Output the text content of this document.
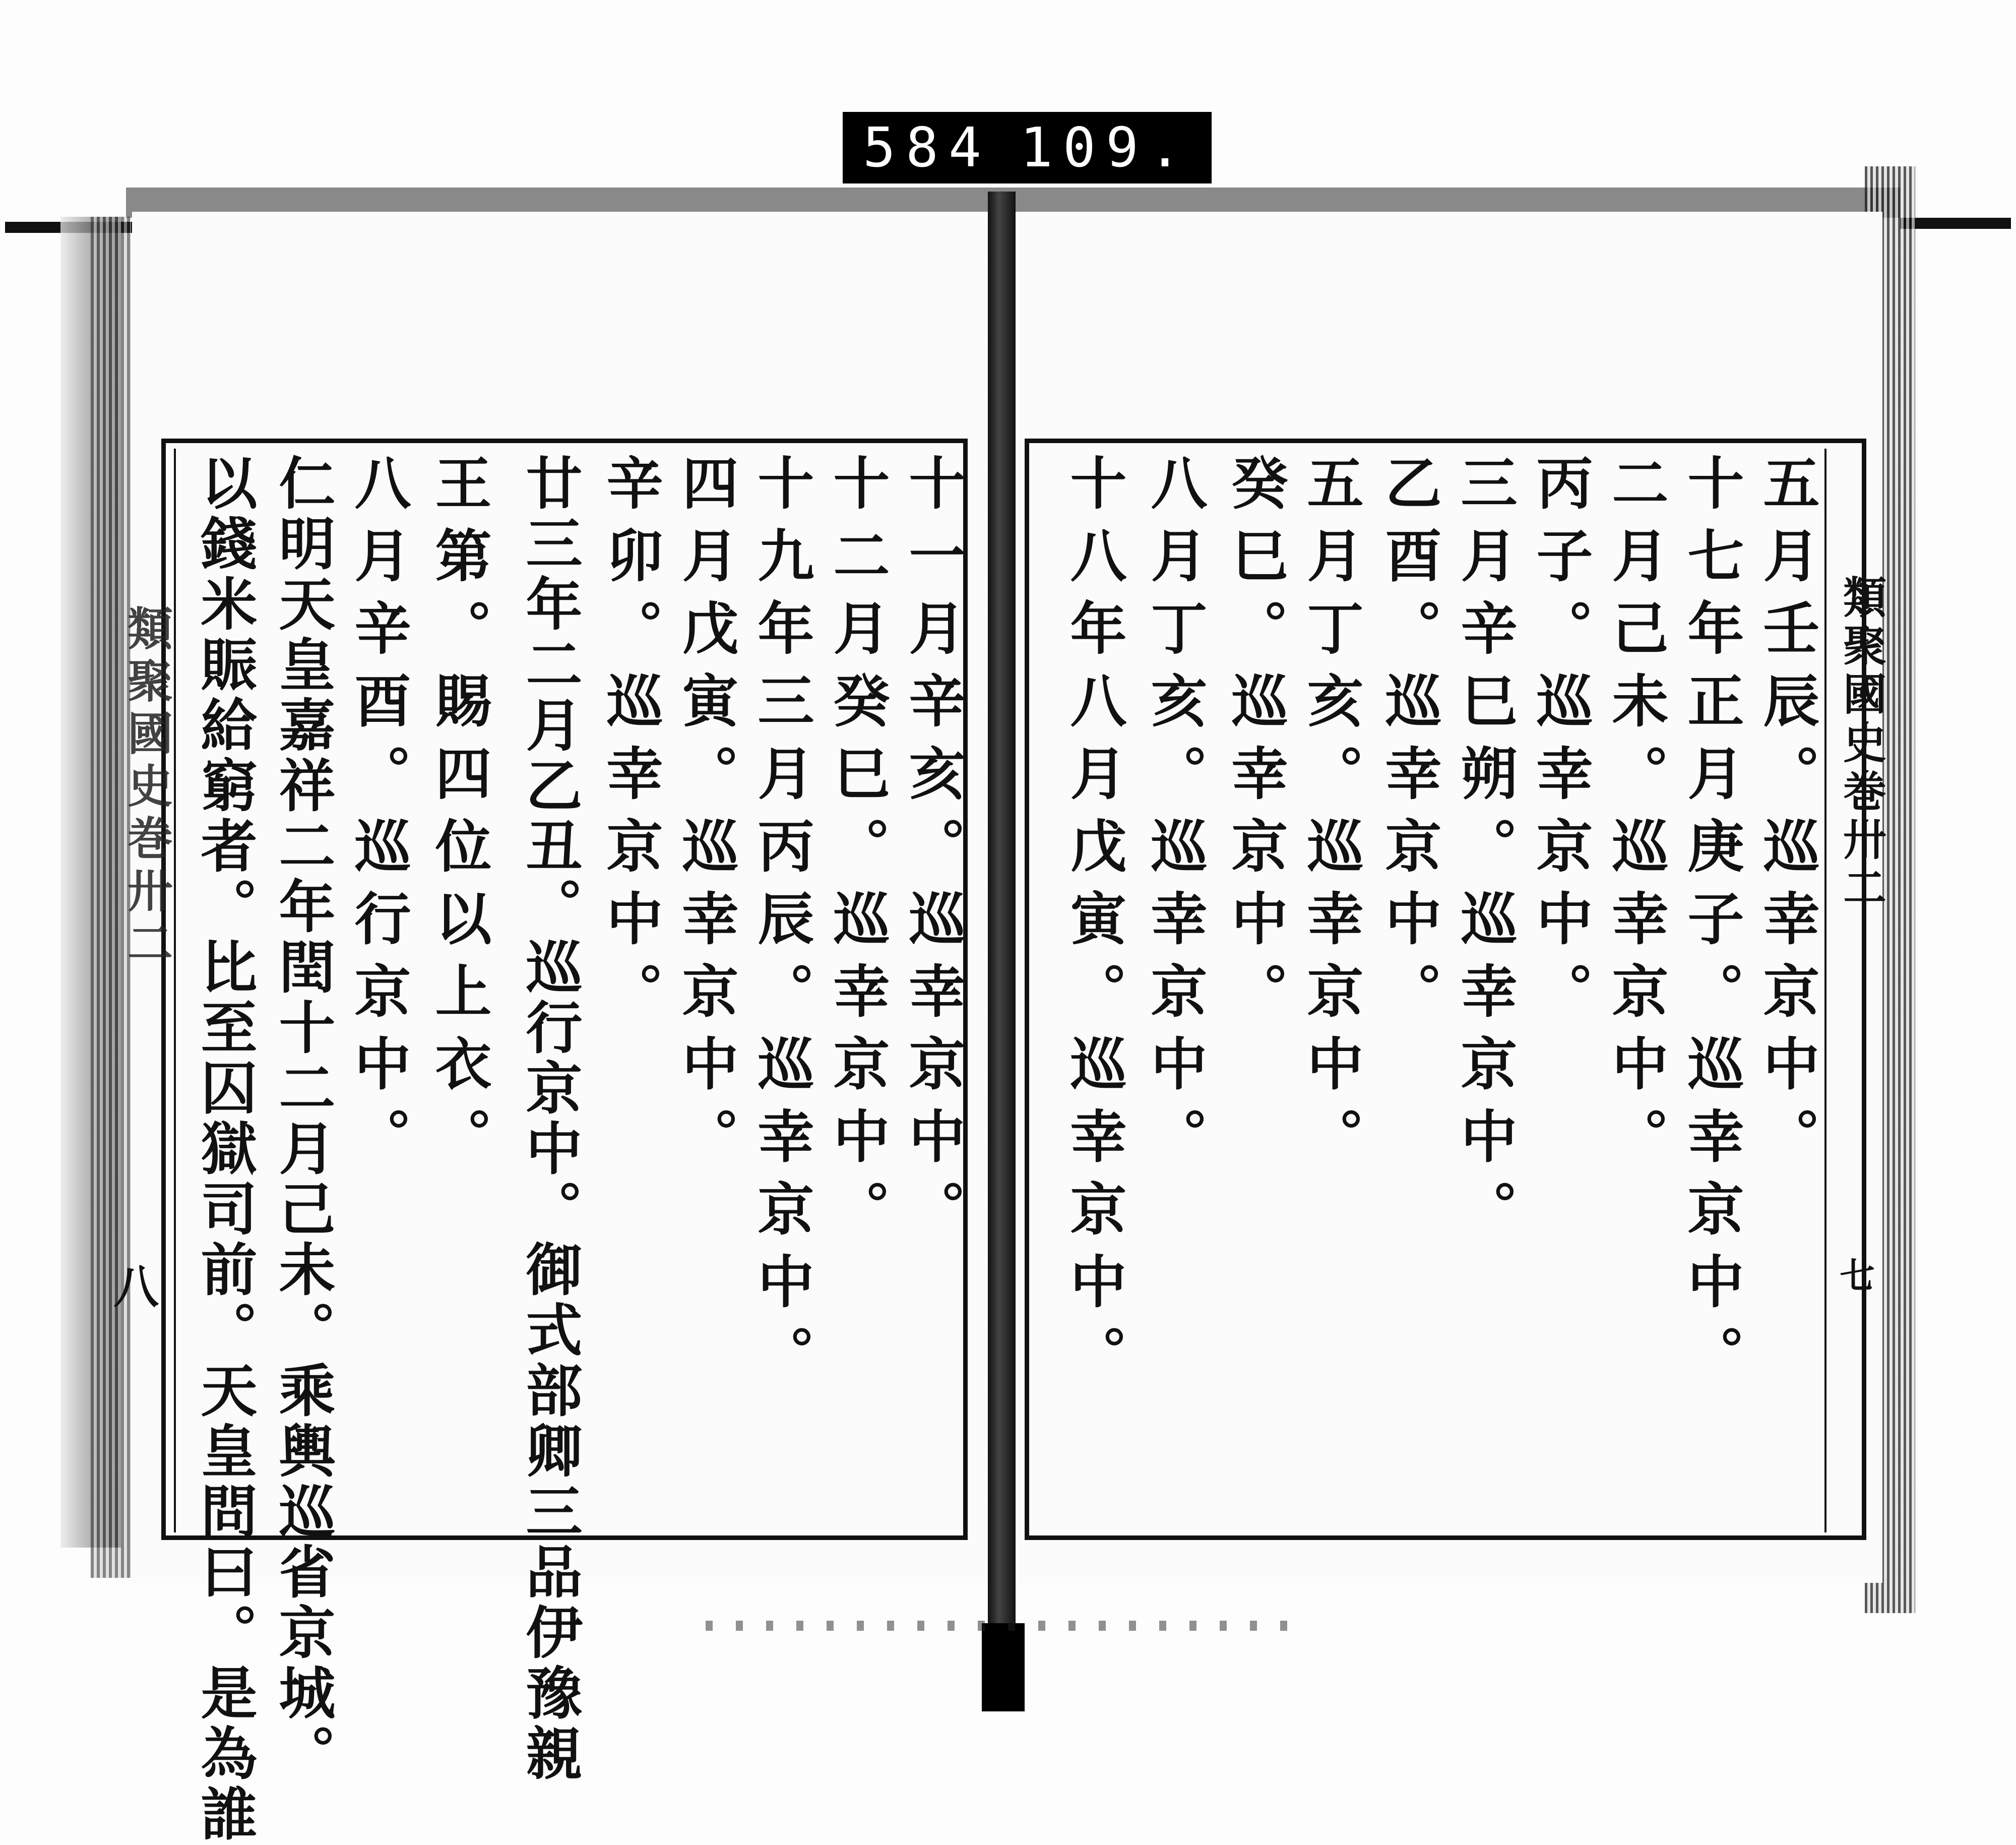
584 109.
類聚國史巻卅二
八
類聚國史巻卅二
七
五月壬辰。巡幸京中。
十七年正月庚子。巡幸京中。
二月己未。巡幸京中。
丙子。巡幸京中。
三月辛巳朔。巡幸京中。
乙酉。巡幸京中。
五月丁亥。巡幸京中。
癸巳。巡幸京中。
八月丁亥。巡幸京中。
十八年八月戊寅。巡幸京中。
十一月辛亥。巡幸京中。
十二月癸巳。巡幸京中。
十九年三月丙辰。巡幸京中。
四月戊寅。巡幸京中。
辛卯。巡幸京中。
廿三年二月乙丑。巡行京中。御式部卿三品伊豫親
王第。賜四位以上衣。
八月辛酉。巡行京中。
仁明天皇嘉祥二年閏十二月己未。乘輿巡省京城。
以錢米賑給窮者。比至囚獄司前。天皇問曰。是為誰
